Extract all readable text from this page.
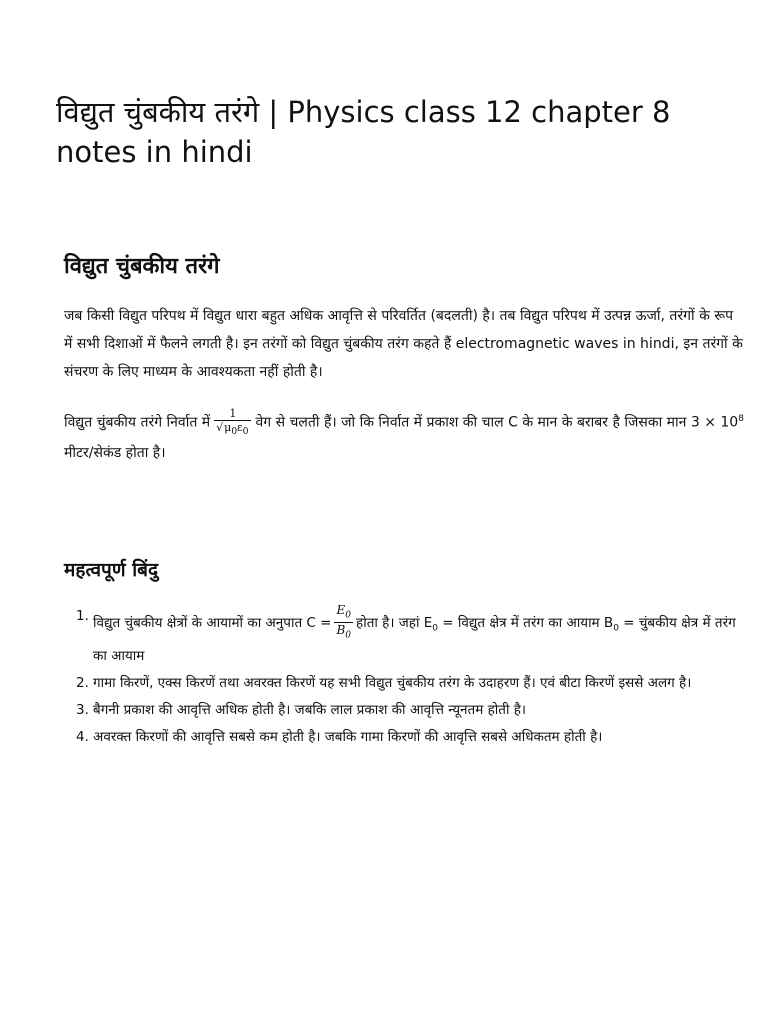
विद्युत चुंबकीय तरंगे | Physics class 12 chapter 8 notes in hindi
विद्युत चुंबकीय तरंगे

जब किसी विद्युत परिपथ में विद्युत धारा बहुत अधिक आवृत्ति से परिवर्तित (बदलती) है। तब विद्युत परिपथ में उत्पन्न ऊर्जा, तरंगों के रूप में सभी दिशाओं में फैलने लगती है। इन तरंगों को विद्युत चुंबकीय तरंग कहते हैं electromagnetic waves in hindi, इन तरंगों के संचरण के लिए माध्यम के आवश्यकता नहीं होती है।

विद्युत चुंबकीय तरंगे निर्वात में $\frac{1}{√\mu_0\varepsilon_0}$ वेग से चलती हैं। जो कि निर्वात में प्रकाश की चाल C के मान के बराबर है जिसका मान $3 \times 10^8$ मीटर/सेकंड होता है।

महत्वपूर्ण बिंदु
1. विद्युत चुंबकीय क्षेत्रों के आयामों का अनुपात $C = \frac{E_0}{B_0}$ होता है। जहां $E_0$ = विद्युत क्षेत्र में तरंग का आयाम $B_0$ = चुंबकीय क्षेत्र में तरंग का आयाम
2. गामा किरणें, एक्स किरणें तथा अवरक्त किरणें यह सभी विद्युत चुंबकीय तरंग के उदाहरण हैं। एवं बीटा किरणें इससे अलग है।
3. बैगनी प्रकाश की आवृत्ति अधिक होती है। जबकि लाल प्रकाश की आवृत्ति न्यूनतम होती है।
4. अवरक्त किरणों की आवृत्ति सबसे कम होती है। जबकि गामा किरणों की आवृत्ति सबसे अधिकतम होती है।
